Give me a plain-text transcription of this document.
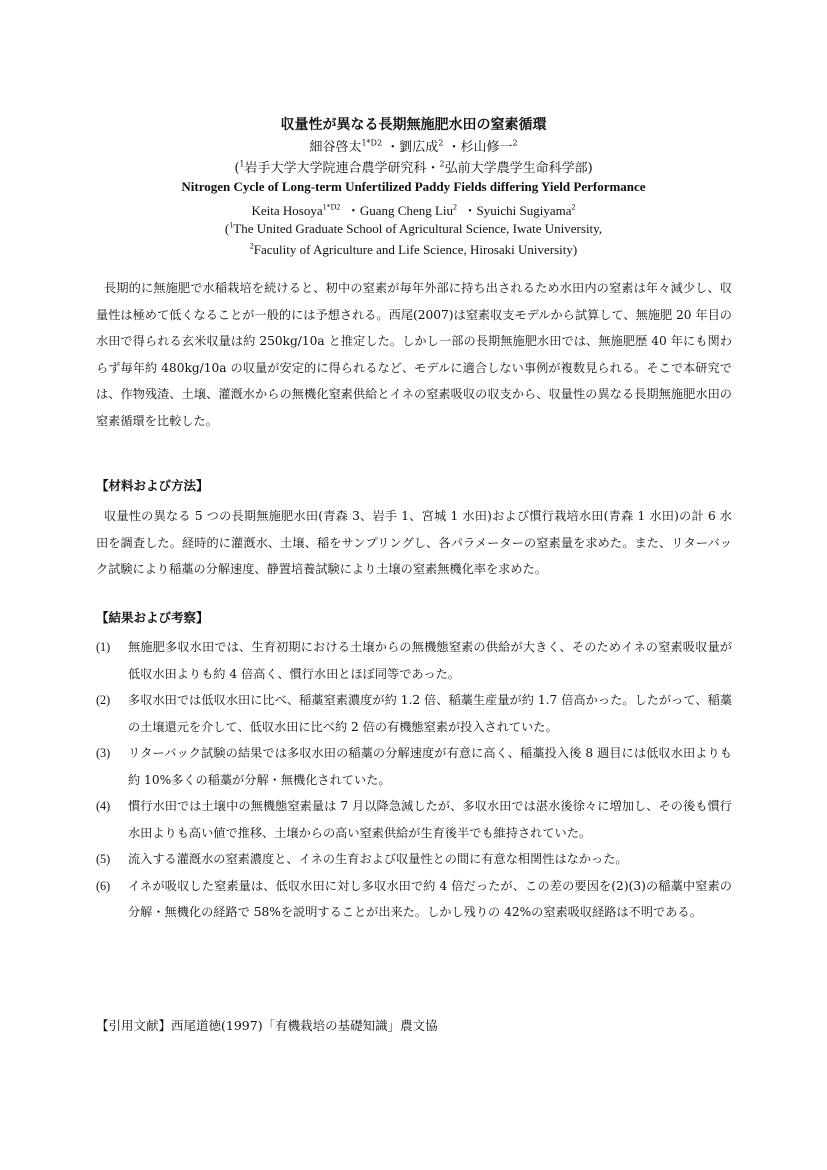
収量性が異なる長期無施肥水田の窒素循環
細谷啓太$^{1*D2}$ ・劉広成$^2$ ・杉山修一$^2$
($^1$岩手大学大学院連合農学研究科・$^2$弘前大学農学生命科学部)
Nitrogen Cycle of Long-term Unfertilized Paddy Fields differing Yield Performance
Keita Hosoya$^{1*D2}$ ・Guang Cheng Liu$^2$ ・Syuichi Sugiyama$^2$
($^1$The United Graduate School of Agricultural Science, Iwate University,
$^2$Faculity of Agriculture and Life Science, Hirosaki University)
長期的に無施肥で水稲栽培を続けると、籾中の窒素が毎年外部に持ち出されるため水田内の窒素は年々減少し、収量性は極めて低くなることが一般的には予想される。西尾(2007)は窒素収支モデルから試算して、無施肥 20 年目の水田で得られる玄米収量は約 250kg/10a と推定した。しかし一部の長期無施肥水田では、無施肥歴 40 年にも関わらず毎年約 480kg/10a の収量が安定的に得られるなど、モデルに適合しない事例が複数見られる。そこで本研究では、作物残渣、土壌、灌漑水からの無機化窒素供給とイネの窒素吸収の収支から、収量性の異なる長期無施肥水田の窒素循環を比較した。
【材料および方法】
収量性の異なる 5 つの長期無施肥水田(青森 3、岩手 1、宮城 1 水田)および慣行栽培水田(青森 1 水田)の計 6 水田を調査した。経時的に灌漑水、土壌、稲をサンプリングし、各パラメーターの窒素量を求めた。また、リターバック試験により稲藁の分解速度、静置培養試験により土壌の窒素無機化率を求めた。
【結果および考察】
(1)	無施肥多収水田では、生育初期における土壌からの無機態窒素の供給が大きく、そのためイネの窒素吸収量が低収水田よりも約 4 倍高く、慣行水田とほぼ同等であった。
(2)	多収水田では低収水田に比べ、稲藁窒素濃度が約 1.2 倍、稲藁生産量が約 1.7 倍高かった。したがって、稲藁の土壌還元を介して、低収水田に比べ約 2 倍の有機態窒素が投入されていた。
(3)	リターバック試験の結果では多収水田の稲藁の分解速度が有意に高く、稲藁投入後 8 週目には低収水田よりも約 10%多くの稲藁が分解・無機化されていた。
(4)	慣行水田では土壌中の無機態窒素量は 7 月以降急減したが、多収水田では湛水後徐々に増加し、その後も慣行水田よりも高い値で推移、土壌からの高い窒素供給が生育後半でも維持されていた。
(5)	流入する灌漑水の窒素濃度と、イネの生育および収量性との間に有意な相関性はなかった。
(6)	イネが吸収した窒素量は、低収水田に対し多収水田で約 4 倍だったが、この差の要因を(2)(3)の稲藁中窒素の分解・無機化の経路で 58%を説明することが出来た。しかし残りの 42%の窒素吸収経路は不明である。
【引用文献】西尾道徳(1997)「有機栽培の基礎知識」農文協
